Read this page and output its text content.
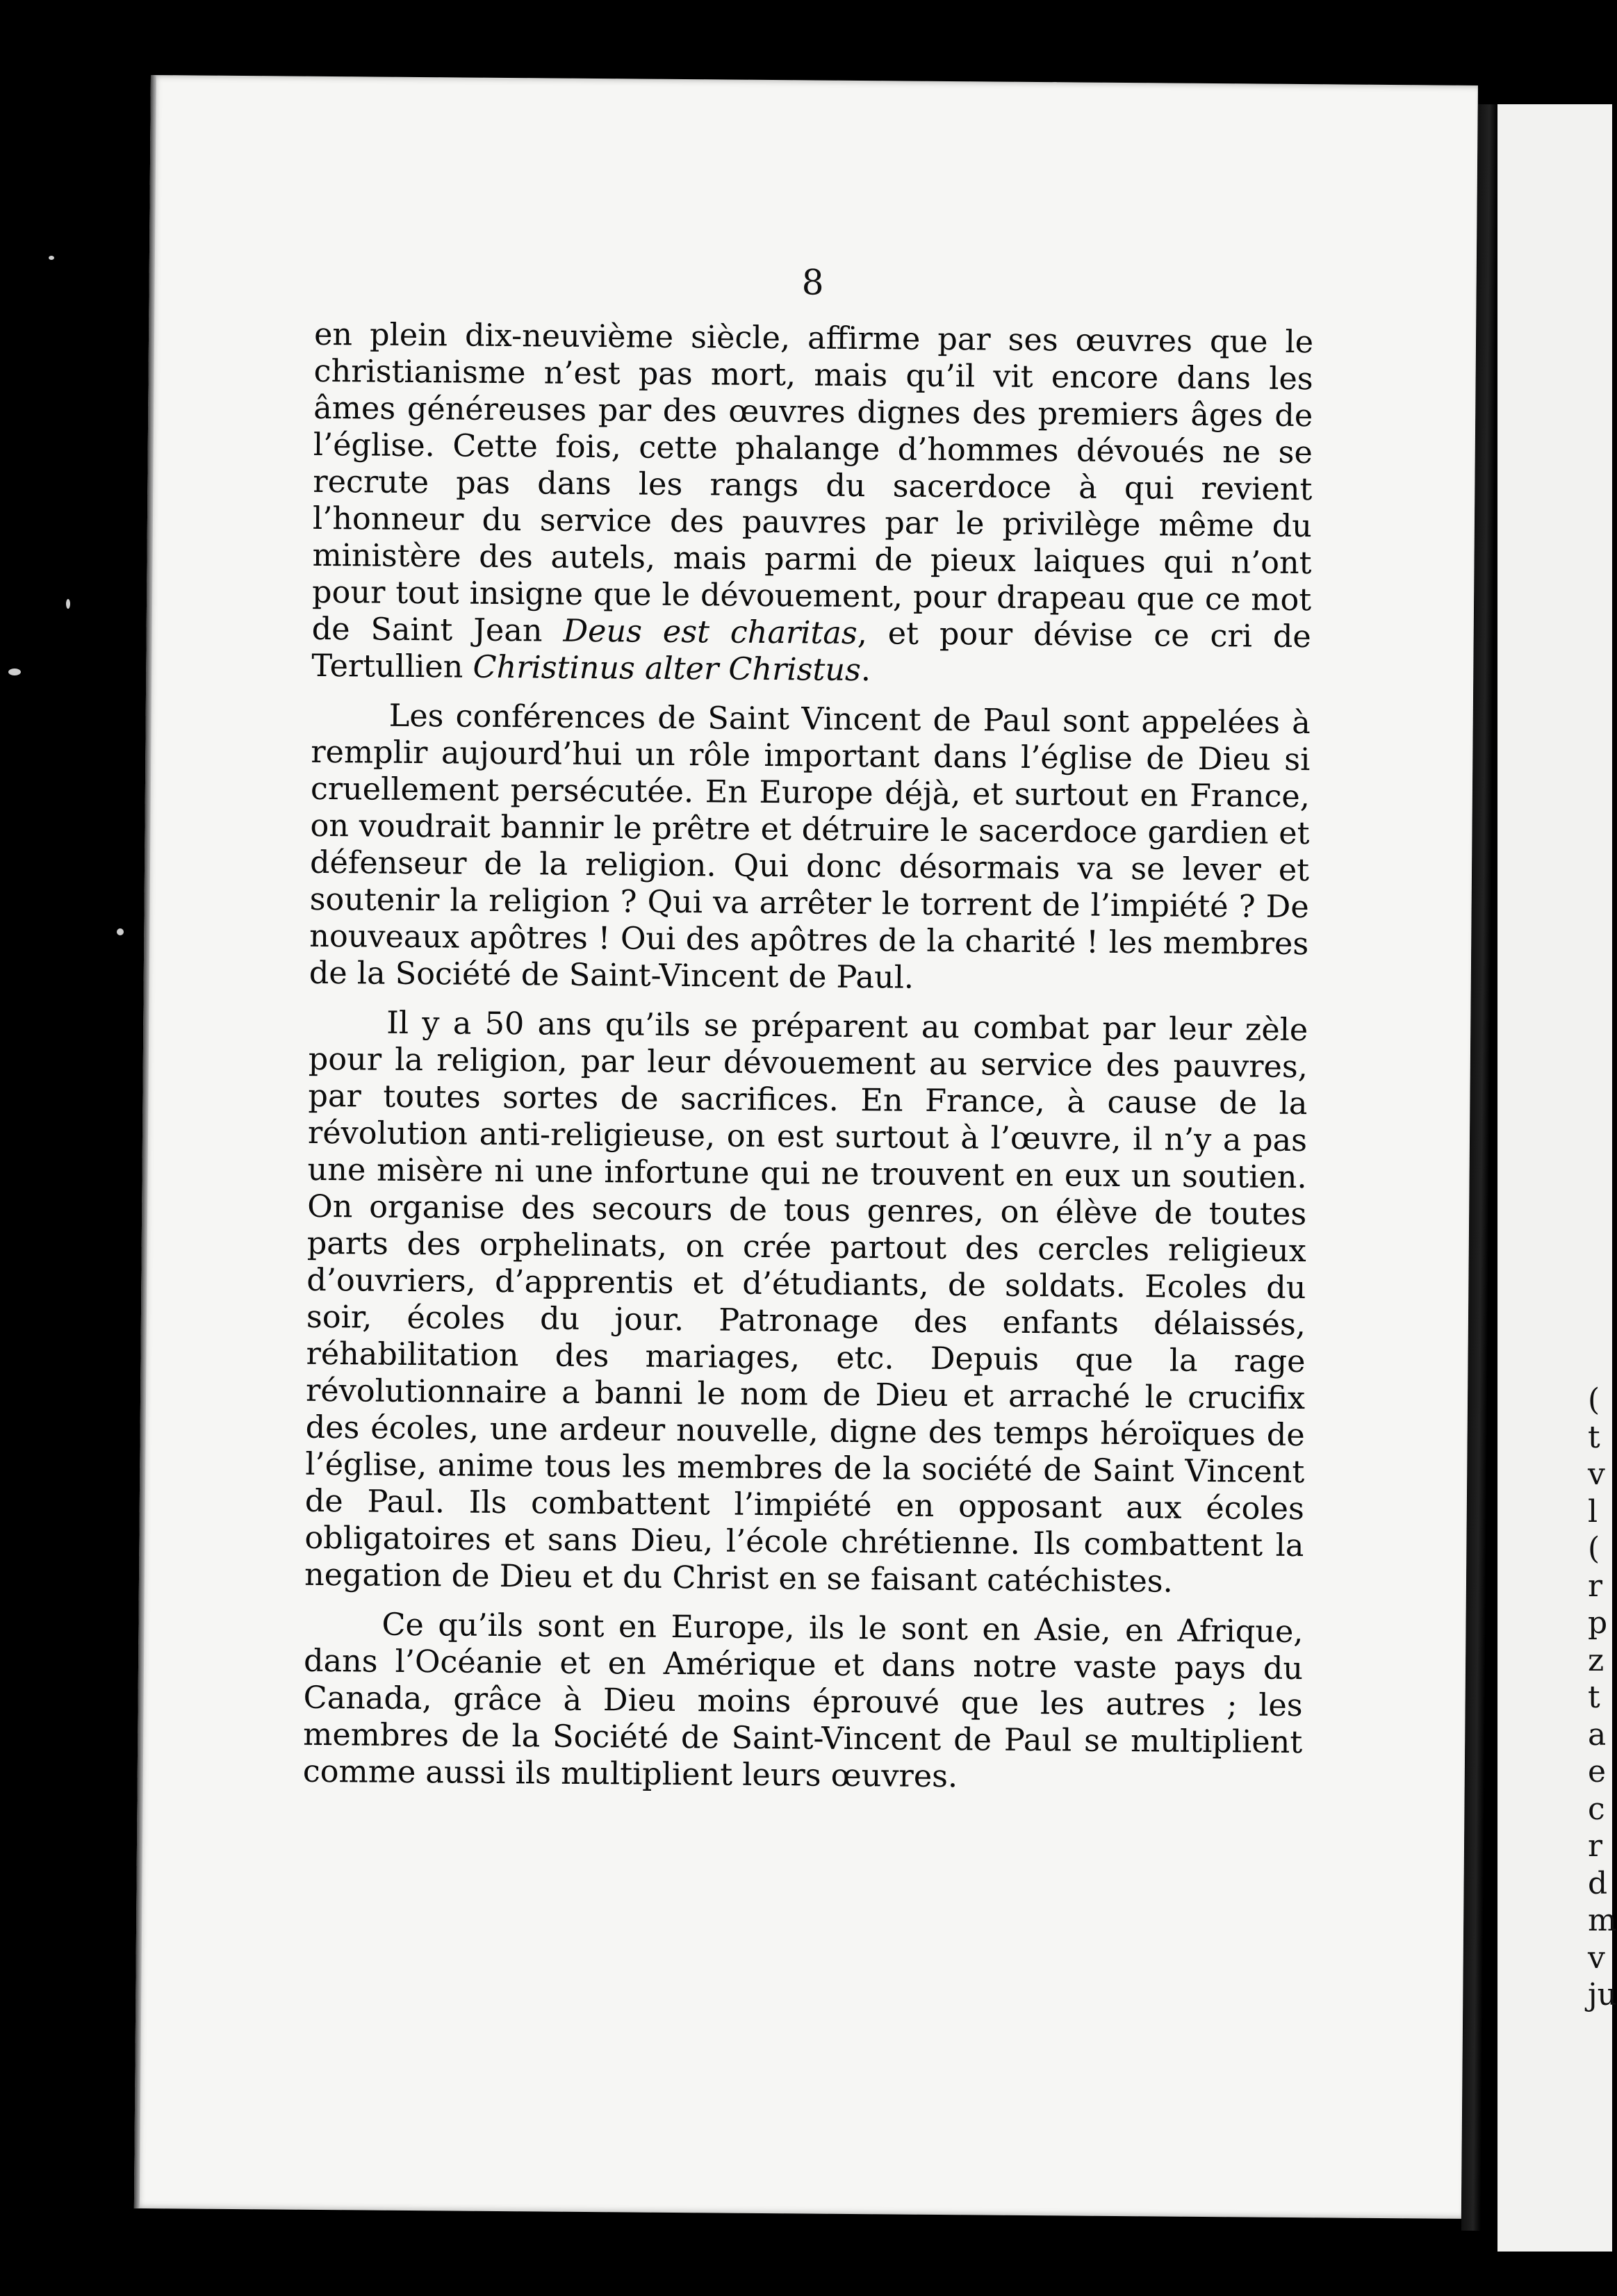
8

en plein dix-neuvième siècle, affirme par ses œuvres que le christianisme n’est pas mort, mais qu’il vit encore dans les âmes généreuses par des œuvres dignes des premiers âges de l’église. Cette fois, cette phalange d’hommes dévoués ne se recrute pas dans les rangs du sacerdoce à qui revient l’honneur du service des pauvres par le privilège même du ministère des autels, mais parmi de pieux laiques qui n’ont pour tout insigne que le dévouement, pour drapeau que ce mot de Saint Jean Deus est charitas, et pour dévise ce cri de Tertullien Christinus alter Christus.

Les conférences de Saint Vincent de Paul sont appelées à remplir aujourd’hui un rôle important dans l’église de Dieu si cruellement persécutée. En Europe déjà, et surtout en France, on voudrait bannir le prêtre et détruire le sacerdoce gardien et défenseur de la religion. Qui donc désormais va se lever et soutenir la religion ? Qui va arrêter le torrent de l’impiété ? De nouveaux apôtres ! Oui des apôtres de la charité ! les membres de la Société de Saint-Vincent de Paul.

Il y a 50 ans qu’ils se préparent au combat par leur zèle pour la religion, par leur dévouement au service des pauvres, par toutes sortes de sacrifices. En France, à cause de la révolution anti-religieuse, on est surtout à l’œuvre, il n’y a pas une misère ni une infortune qui ne trouvent en eux un soutien. On organise des secours de tous genres, on élève de toutes parts des orphelinats, on crée partout des cercles religieux d’ouvriers, d’apprentis et d’étudiants, de soldats. Ecoles du soir, écoles du jour. Patronage des enfants délaissés, réhabilitation des mariages, etc. Depuis que la rage révolutionnaire a banni le nom de Dieu et arraché le crucifix des écoles, une ardeur nouvelle, digne des temps héroïques de l’église, anime tous les membres de la société de Saint Vincent de Paul. Ils combattent l’impiété en opposant aux écoles obligatoires et sans Dieu, l’école chrétienne. Ils combattent la negation de Dieu et du Christ en se faisant catéchistes.

Ce qu’ils sont en Europe, ils le sont en Asie, en Afrique, dans l’Océanie et en Amérique et dans notre vaste pays du Canada, grâce à Dieu moins éprouvé que les autres ; les membres de la Société de Saint-Vincent de Paul se multiplient comme aussi ils multiplient leurs œuvres.

(
t
v
l
(
r
p
z
t
a
e
c
r
d
m
v
ju
